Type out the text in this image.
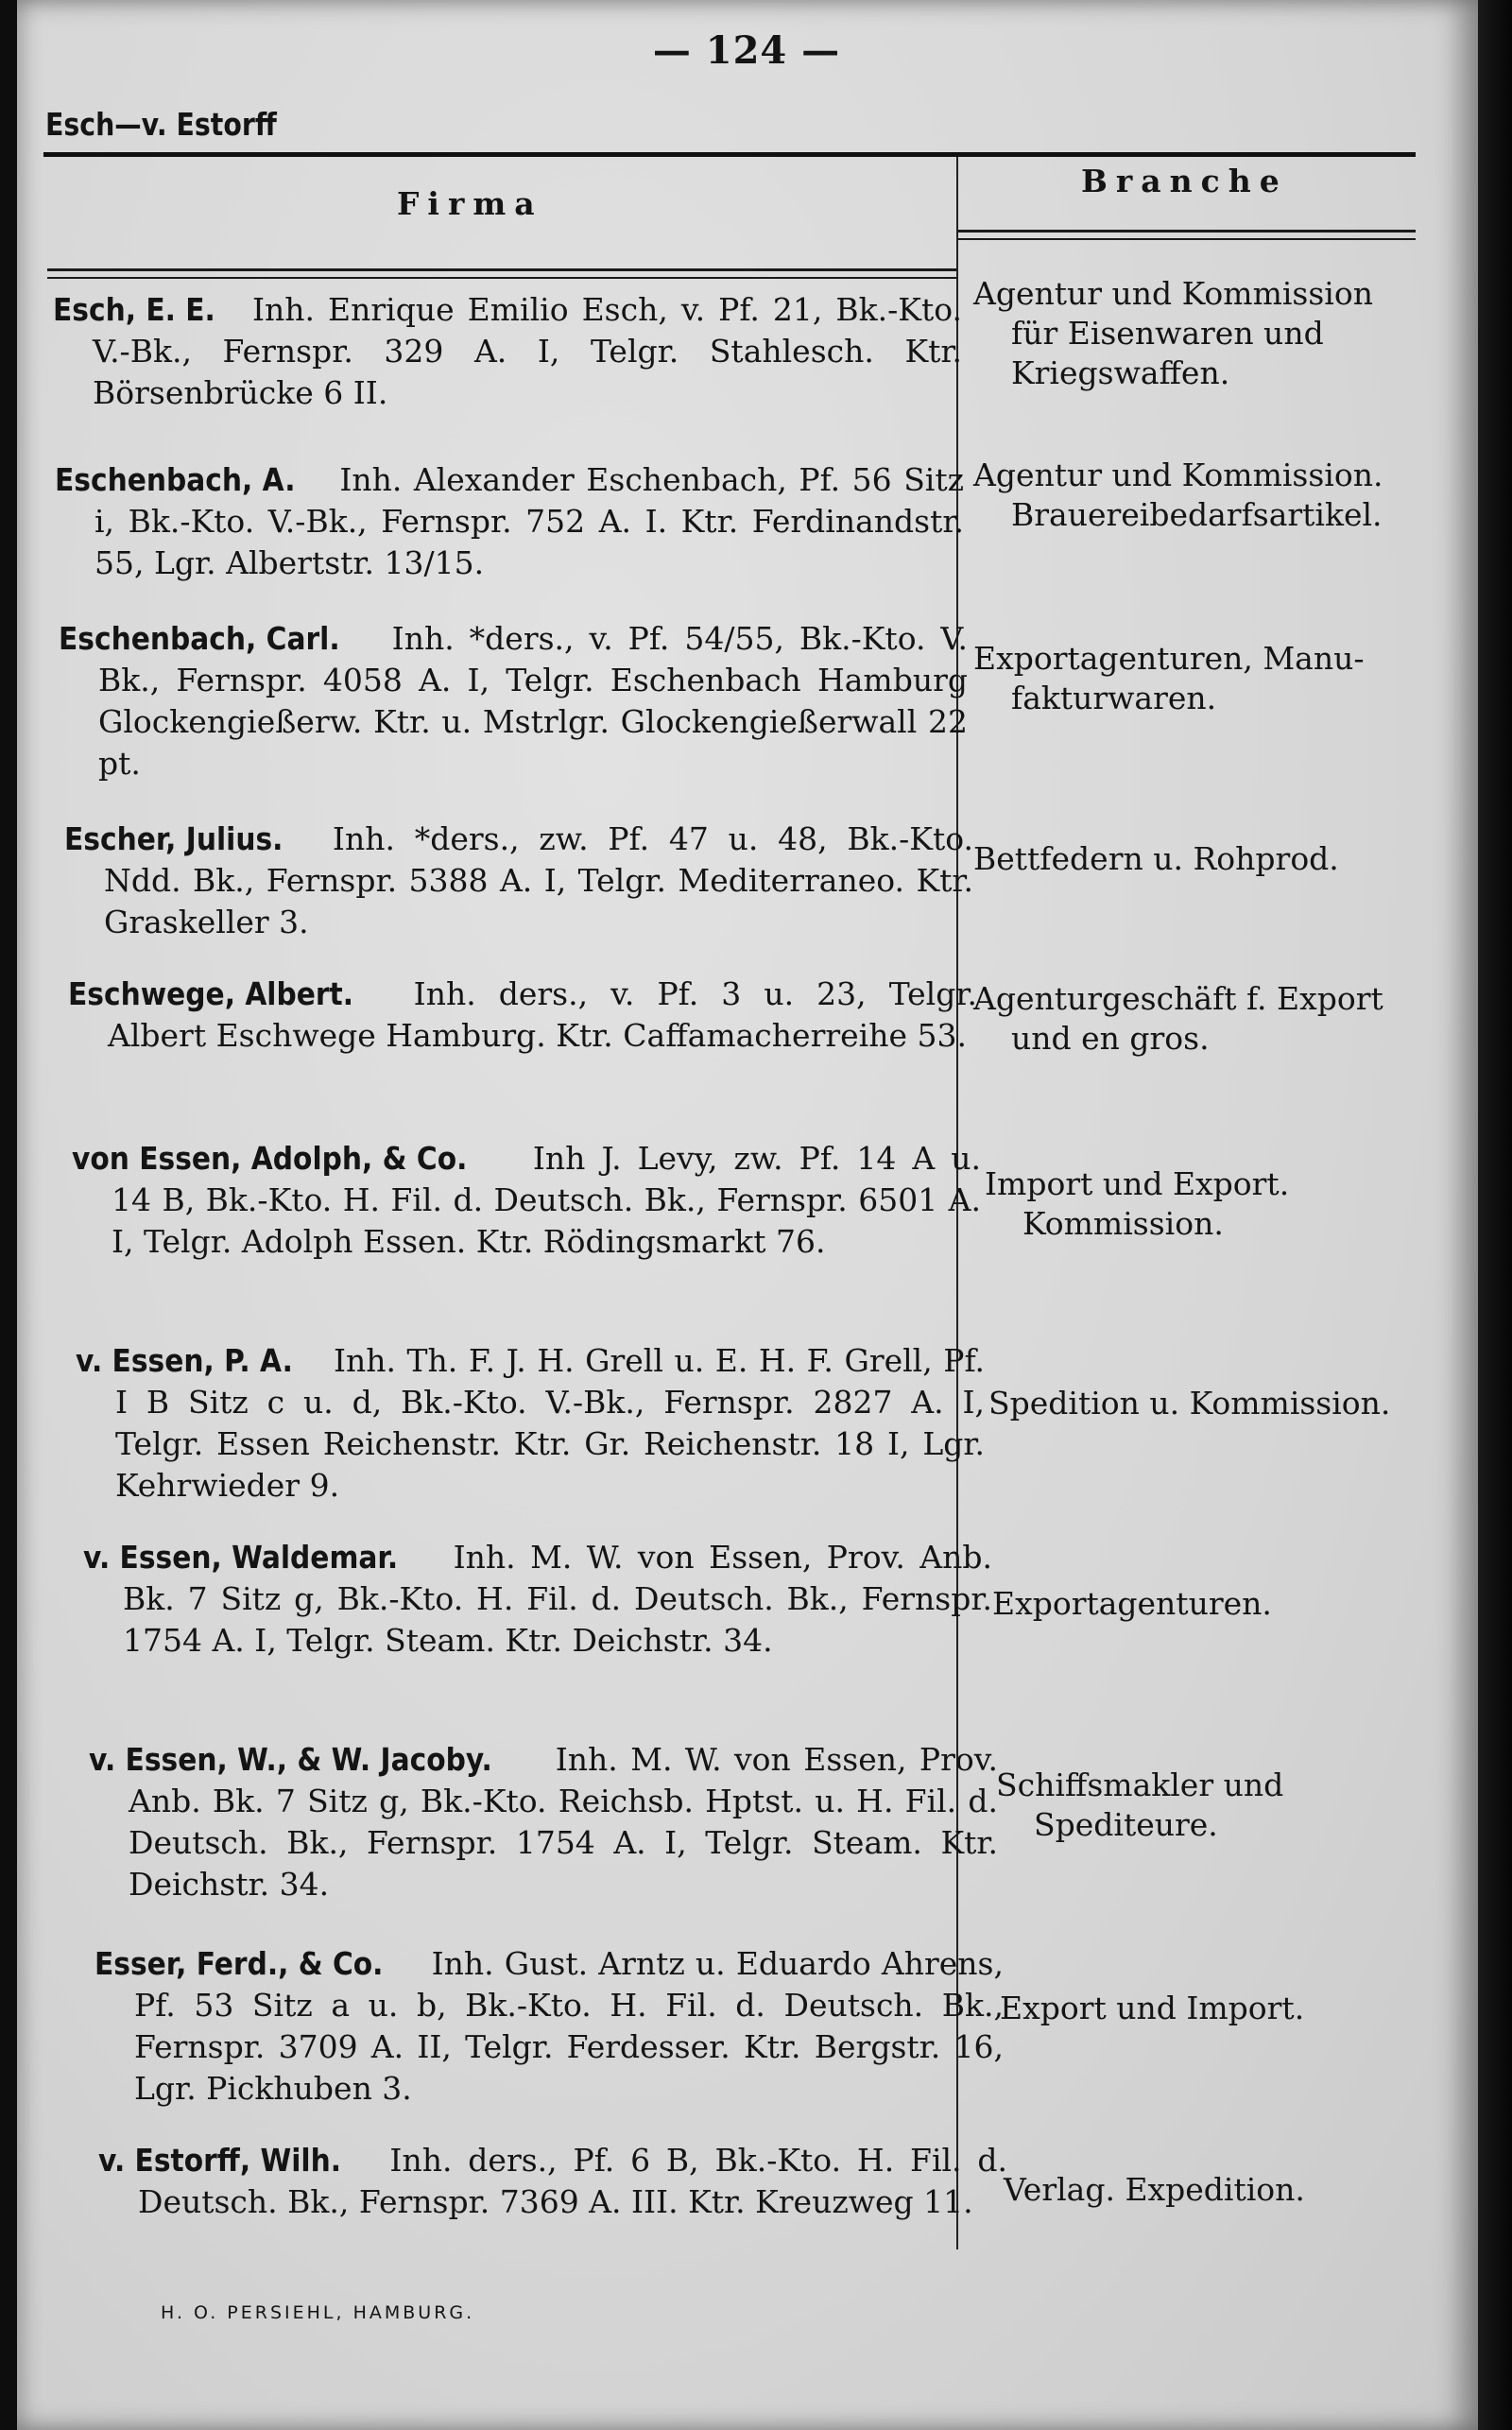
— 124 —
Esch—v. Estorff
Firma
Branche

Esch, E. E. Inh. Enrique Emilio Esch, v. Pf. 21, Bk.-Kto. V.-Bk., Fernspr. 329 A. I, Telgr. Stahlesch. Ktr. Börsenbrücke 6 II.

Agentur und Kommission
für Eisenwaren und
Kriegswaffen.

Eschenbach, A. Inh. Alexander Eschenbach, Pf. 56 Sitz i, Bk.-Kto. V.-Bk., Fernspr. 752 A. I. Ktr. Ferdinandstr. 55, Lgr. Albertstr. 13/15.

Agentur und Kommission.
Brauereibedarfsartikel.

Eschenbach, Carl. Inh. *ders., v. Pf. 54/55, Bk.-Kto. V. Bk., Fernspr. 4058 A. I, Telgr. Eschenbach Hamburg Glockengießerw. Ktr. u. Mstrlgr. Glockengießerwall 22 pt.

Exportagenturen, Manu-
fakturwaren.

Escher, Julius. Inh. *ders., zw. Pf. 47 u. 48, Bk.-Kto. Ndd. Bk., Fernspr. 5388 A. I, Telgr. Mediterraneo. Ktr. Graskeller 3.

Bettfedern u. Rohprod.

Eschwege, Albert. Inh. ders., v. Pf. 3 u. 23, Telgr. Albert Eschwege Hamburg. Ktr. Caffamacherreihe 53.

Agenturgeschäft f. Export
und en gros.

von Essen, Adolph, & Co. Inh J. Levy, zw. Pf. 14 A u. 14 B, Bk.-Kto. H. Fil. d. Deutsch. Bk., Fernspr. 6501 A. I, Telgr. Adolph Essen. Ktr. Rödingsmarkt 76.

Import und Export.
Kommission.

v. Essen, P. A. Inh. Th. F. J. H. Grell u. E. H. F. Grell, Pf. I B Sitz c u. d, Bk.-Kto. V.-Bk., Fernspr. 2827 A. I, Telgr. Essen Reichenstr. Ktr. Gr. Reichenstr. 18 I, Lgr. Kehrwieder 9.

Spedition u. Kommission.

v. Essen, Waldemar. Inh. M. W. von Essen, Prov. Anb. Bk. 7 Sitz g, Bk.-Kto. H. Fil. d. Deutsch. Bk., Fernspr. 1754 A. I, Telgr. Steam. Ktr. Deichstr. 34.

Exportagenturen.

v. Essen, W., & W. Jacoby. Inh. M. W. von Essen, Prov. Anb. Bk. 7 Sitz g, Bk.-Kto. Reichsb. Hptst. u. H. Fil. d. Deutsch. Bk., Fernspr. 1754 A. I, Telgr. Steam. Ktr. Deichstr. 34.

Schiffsmakler und
Spediteure.

Esser, Ferd., & Co. Inh. Gust. Arntz u. Eduardo Ahrens, Pf. 53 Sitz a u. b, Bk.-Kto. H. Fil. d. Deutsch. Bk., Fernspr. 3709 A. II, Telgr. Ferdesser. Ktr. Bergstr. 16, Lgr. Pickhuben 3.

Export und Import.

v. Estorff, Wilh. Inh. ders., Pf. 6 B, Bk.-Kto. H. Fil. d. Deutsch. Bk., Fernspr. 7369 A. III. Ktr. Kreuzweg 11. Verlag. Expedition.
H. O. PERSIEHL, HAMBURG.
